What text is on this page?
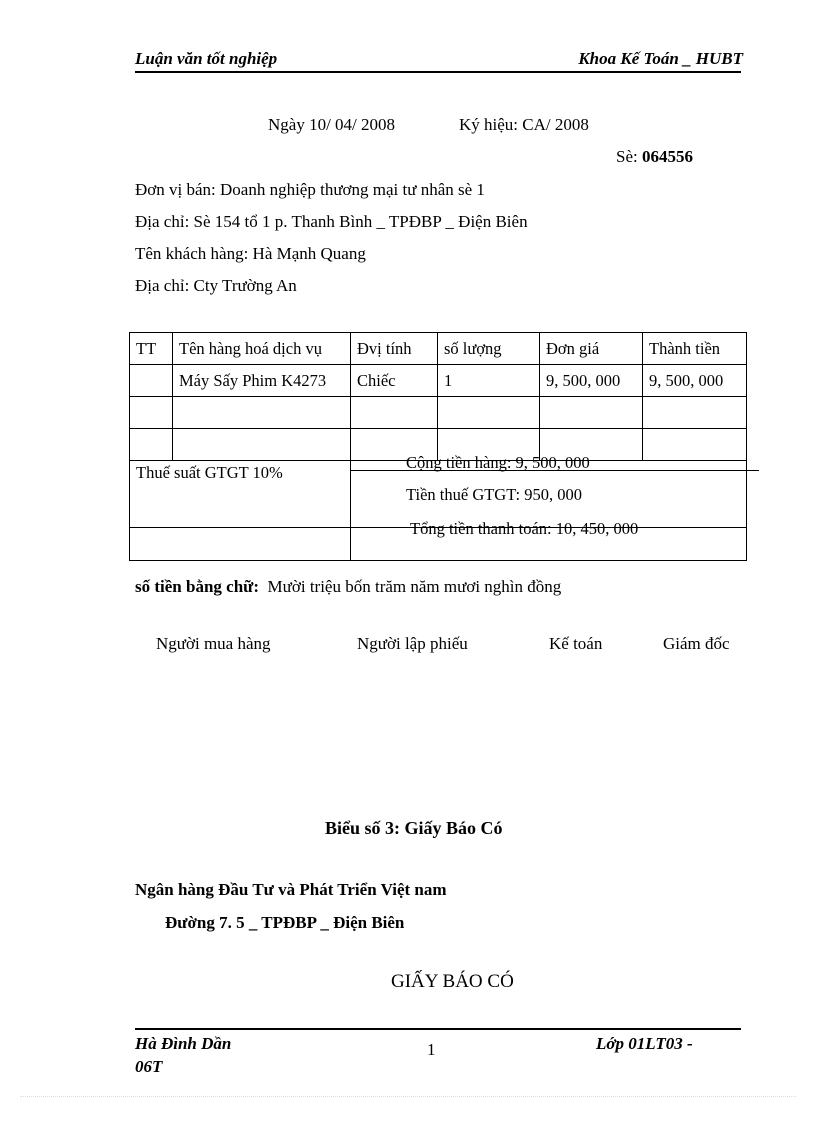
Luận văn tốt nghiệp	Khoa Kế Toán _ HUBT
Ngày 10/ 04/ 2008	Ký hiệu: CA/ 2008
Sè: 064556
Đơn vị bán: Doanh nghiệp thương mại tư nhân sè 1
Địa chỉ: Sè 154 tổ 1 p. Thanh Bình _ TPĐBP _ Điện Biên
Tên khách hàng: Hà Mạnh Quang
Địa chỉ: Cty Trường An
TT	Tên hàng hoá dịch vụ	Đvị tính	số lượng	Đơn giá	Thành tiền
	Máy Sấy Phim K4273	Chiếc	1	9, 500, 000	9, 500, 000

Thuế suất GTGT 10%					

Cộng tiền hàng: 9, 500, 000
Tiền thuế GTGT: 950, 000
Tổng tiền thanh toán: 10, 450, 000
số tiền bằng chữ: Mười triệu bốn trăm năm mươi nghìn đồng
Người mua hàng	Người lập phiếu	Kế toán	Giám đốc
Biểu số 3: Giấy Báo Có
Ngân hàng Đầu Tư và Phát Triển Việt nam
Đường 7. 5 _ TPĐBP _ Điện Biên
GIẤY BÁO CÓ
Hà Đình Dần
06T
1	Lớp 01LT03 -
